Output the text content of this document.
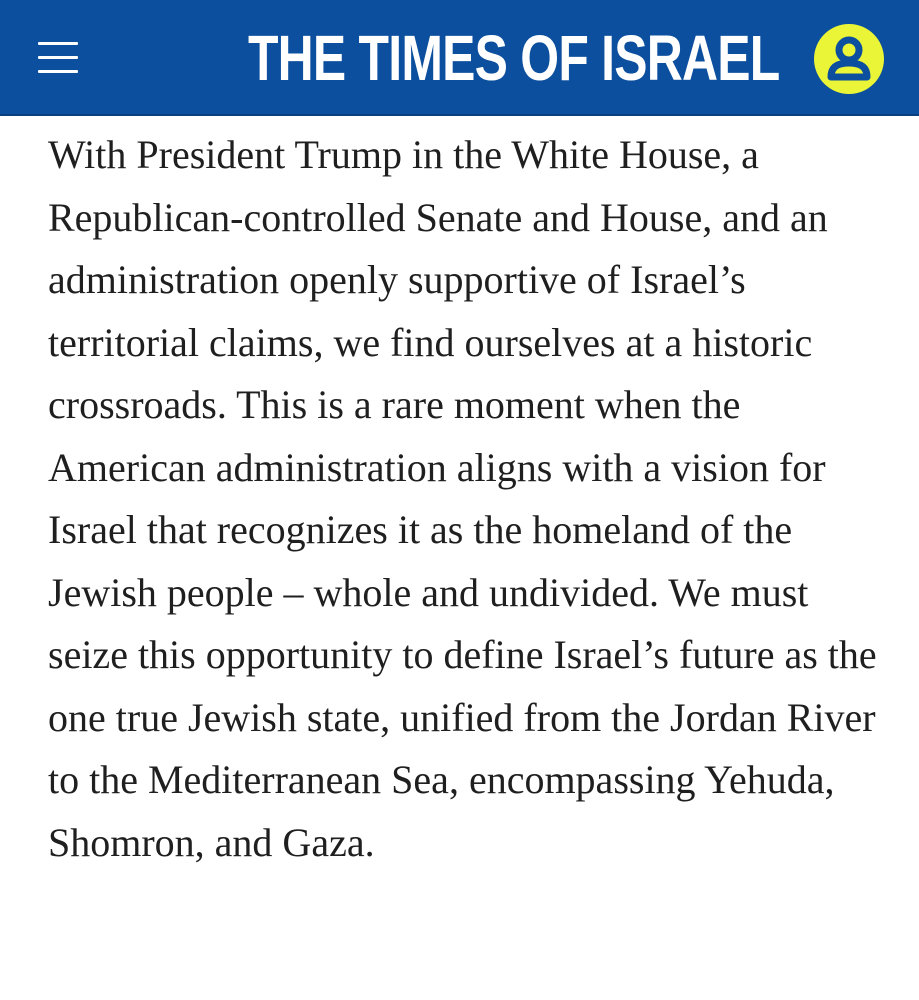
THE TIMES OF ISRAEL

With President Trump in the White House, a Republican-controlled Senate and House, and an administration openly supportive of Israel’s territorial claims, we find ourselves at a historic crossroads. This is a rare moment when the American administration aligns with a vision for Israel that recognizes it as the homeland of the Jewish people – whole and undivided. We must seize this opportunity to define Israel’s future as the one true Jewish state, unified from the Jordan River to the Mediterranean Sea, encompassing Yehuda, Shomron, and Gaza.
